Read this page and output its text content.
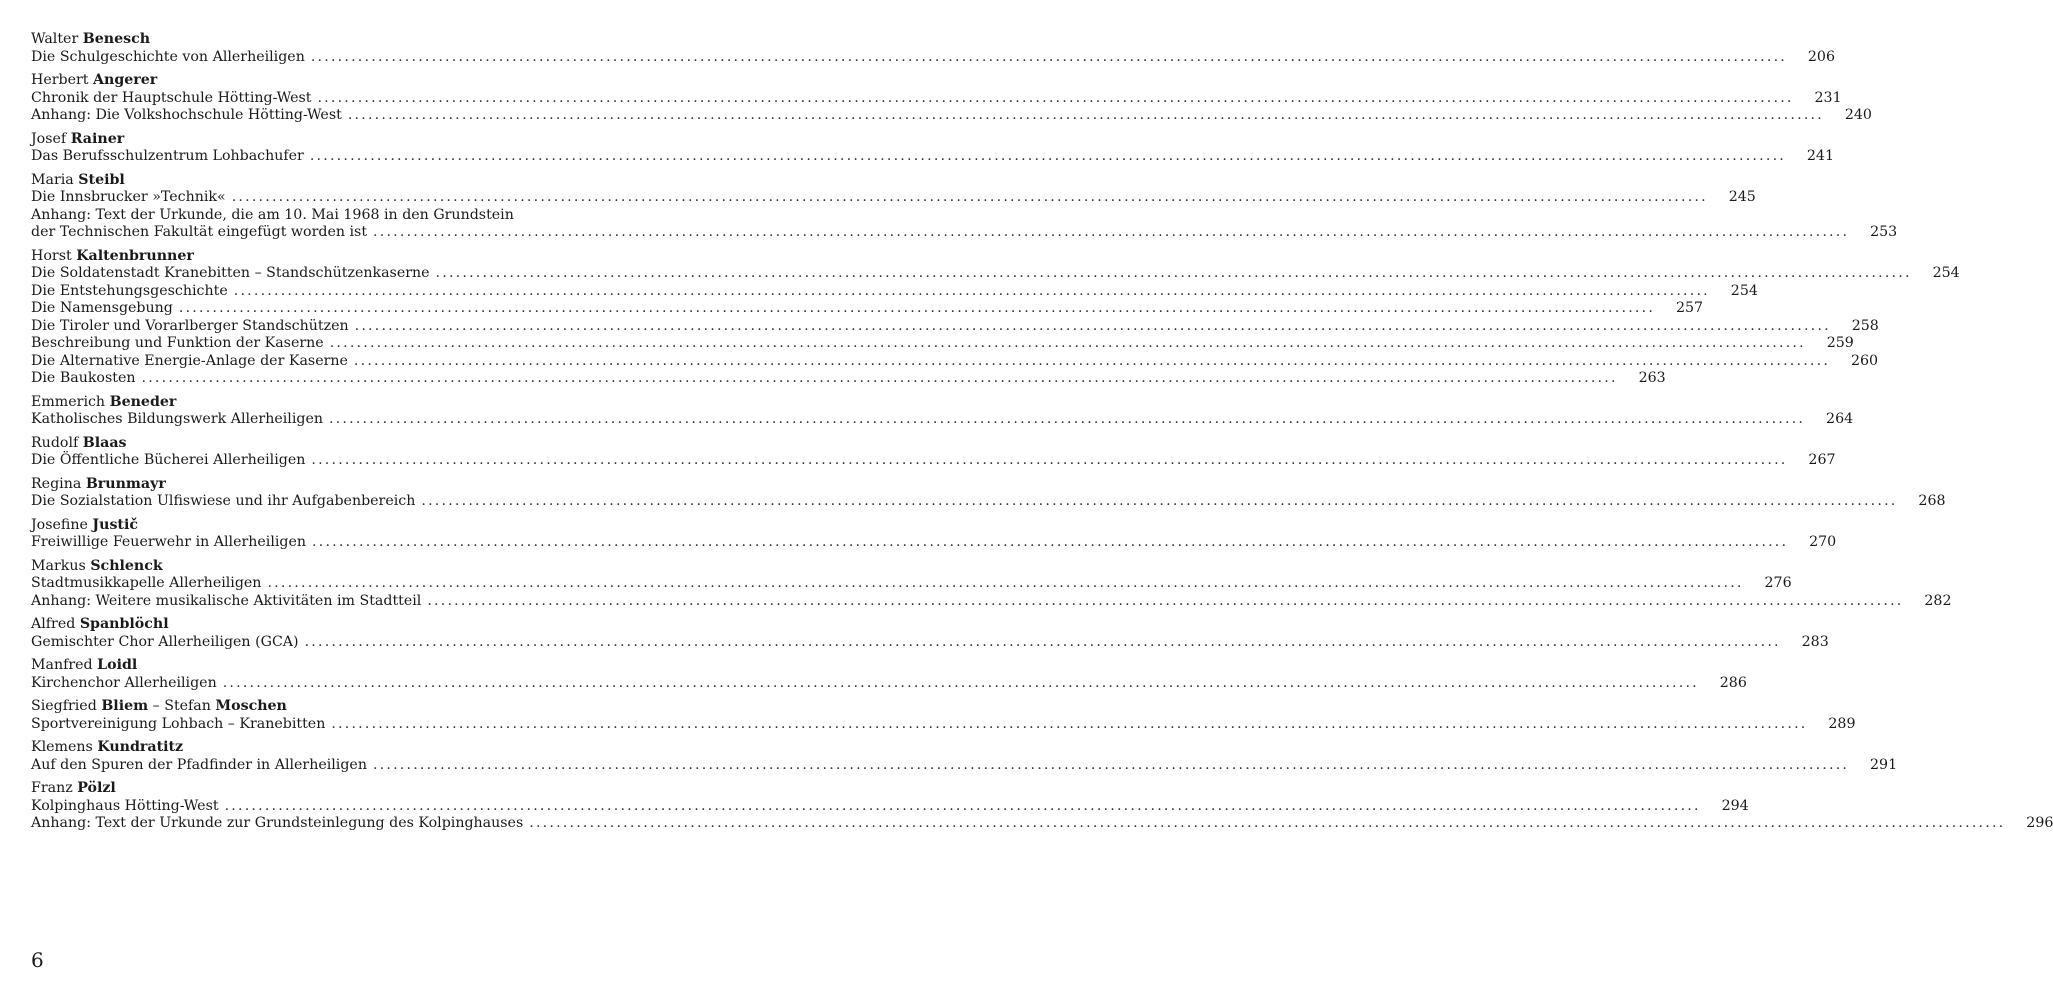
Walter Benesch
Die Schulgeschichte von Allerheiligen ............................................................................................................................................................................................................................ 206
Herbert Angerer
Chronik der Hauptschule Hötting-West ............................................................................................................................................................................................................................ 231
Anhang: Die Volkshochschule Hötting-West ............................................................................................................................................................................................................................ 240
Josef Rainer
Das Berufsschulzentrum Lohbachufer ............................................................................................................................................................................................................................ 241
Maria Steibl
Die Innsbrucker »Technik« ............................................................................................................................................................................................................................ 245
Anhang: Text der Urkunde, die am 10. Mai 1968 in den Grundstein
der Technischen Fakultät eingefügt worden ist ............................................................................................................................................................................................................................ 253
Horst Kaltenbrunner
Die Soldatenstadt Kranebitten – Standschützenkaserne ............................................................................................................................................................................................................................ 254
Die Entstehungsgeschichte ............................................................................................................................................................................................................................ 254
Die Namensgebung ............................................................................................................................................................................................................................ 257
Die Tiroler und Vorarlberger Standschützen ............................................................................................................................................................................................................................ 258
Beschreibung und Funktion der Kaserne ............................................................................................................................................................................................................................ 259
Die Alternative Energie-Anlage der Kaserne ............................................................................................................................................................................................................................ 260
Die Baukosten ............................................................................................................................................................................................................................ 263
Emmerich Beneder
Katholisches Bildungswerk Allerheiligen ............................................................................................................................................................................................................................ 264
Rudolf Blaas
Die Öffentliche Bücherei Allerheiligen ............................................................................................................................................................................................................................ 267
Regina Brunmayr
Die Sozialstation Ulfiswiese und ihr Aufgabenbereich ............................................................................................................................................................................................................................ 268
Josefine Justič
Freiwillige Feuerwehr in Allerheiligen ............................................................................................................................................................................................................................ 270
Markus Schlenck
Stadtmusikkapelle Allerheiligen ............................................................................................................................................................................................................................ 276
Anhang: Weitere musikalische Aktivitäten im Stadtteil ............................................................................................................................................................................................................................ 282
Alfred Spanblöchl
Gemischter Chor Allerheiligen (GCA) ............................................................................................................................................................................................................................ 283
Manfred Loidl
Kirchenchor Allerheiligen ............................................................................................................................................................................................................................ 286
Siegfried Bliem – Stefan Moschen
Sportvereinigung Lohbach – Kranebitten ............................................................................................................................................................................................................................ 289
Klemens Kundratitz
Auf den Spuren der Pfadfinder in Allerheiligen ............................................................................................................................................................................................................................ 291
Franz Pölzl
Kolpinghaus Hötting-West ............................................................................................................................................................................................................................ 294
Anhang: Text der Urkunde zur Grundsteinlegung des Kolpinghauses ............................................................................................................................................................................................................................ 296
6
